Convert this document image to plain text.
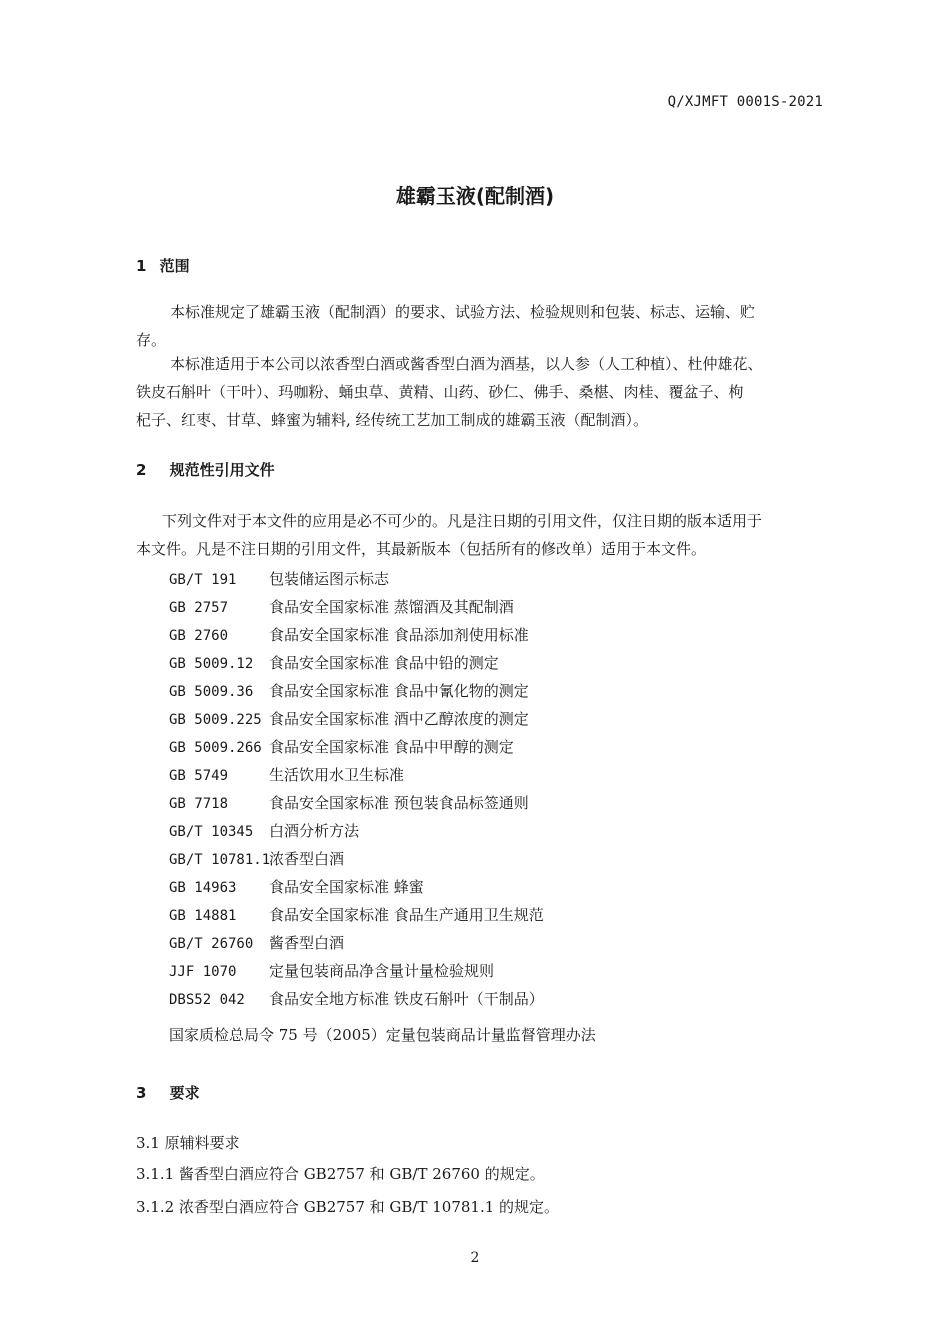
Q/XJMFT 0001S-2021
雄霸玉液(配制酒)
1 范围
本标准规定了雄霸玉液（配制酒）的要求、试验方法、检验规则和包装、标志、运输、贮
存。
本标准适用于本公司以浓香型白酒或酱香型白酒为酒基，以人参（人工种植）、杜仲雄花、
铁皮石斛叶（干叶）、玛咖粉、蛹虫草、黄精、山药、砂仁、佛手、桑椹、肉桂、覆盆子、枸
杞子、红枣、甘草、蜂蜜为辅料, 经传统工艺加工制成的雄霸玉液（配制酒）。
2 规范性引用文件
下列文件对于本文件的应用是必不可少的。凡是注日期的引用文件，仅注日期的版本适用于
本文件。凡是不注日期的引用文件，其最新版本（包括所有的修改单）适用于本文件。
GB/T 191 包装储运图示标志
GB 2757	食品安全国家标准 蒸馏酒及其配制酒
GB 2760	食品安全国家标准 食品添加剂使用标准
GB 5009.12 食品安全国家标准 食品中铅的测定
GB 5009.36 食品安全国家标准 食品中氰化物的测定
GB 5009.225 食品安全国家标准 酒中乙醇浓度的测定
GB 5009.266 食品安全国家标准 食品中甲醇的测定
GB 5749	生活饮用水卫生标准
GB 7718	食品安全国家标准 预包装食品标签通则
GB/T 10345 白酒分析方法
GB/T 10781.1浓香型白酒
GB 14963 食品安全国家标准 蜂蜜
GB 14881 食品安全国家标准 食品生产通用卫生规范
GB/T 26760 酱香型白酒
JJF 1070 定量包装商品净含量计量检验规则
DBS52 042 食品安全地方标准 铁皮石斛叶（干制品）
国家质检总局令 75 号（2005）定量包装商品计量监督管理办法
3 要求
3.1 原辅料要求
3.1.1 酱香型白酒应符合 GB2757 和 GB/T 26760 的规定。
3.1.2 浓香型白酒应符合 GB2757 和 GB/T 10781.1 的规定。
2
